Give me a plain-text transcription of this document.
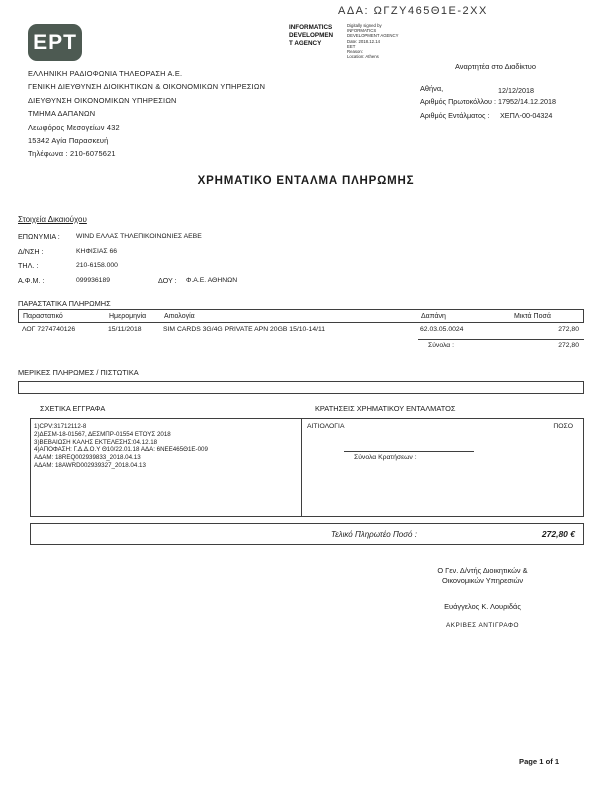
ΑΔΑ: ΩΓΖΥ465Θ1Ε-2ΧΧ
ΕΡΤ
INFORMATICS
DEVELOPMEN
T AGENCY
Digitally signed by
INFORMATICS
DEVELOPMENT AGENCY
Date: 2018.12.14
EET
Reason:
Location: Athens
ΕΛΛΗΝΙΚΗ ΡΑΔΙΟΦΩΝΙΑ ΤΗΛΕΟΡΑΣΗ Α.Ε.
ΓΕΝΙΚΗ ΔΙΕΥΘΥΝΣΗ ΔΙΟΙΚΗΤΙΚΩΝ & ΟΙΚΟΝΟΜΙΚΩΝ ΥΠΗΡΕΣΙΩΝ
ΔΙΕΥΘΥΝΣΗ ΟΙΚΟΝΟΜΙΚΩΝ ΥΠΗΡΕΣΙΩΝ
ΤΜΗΜΑ ΔΑΠΑΝΩΝ
Λεωφόρος Μεσογείων 432
15342 Αγία Παρασκευή
Τηλέφωνα : 210-6075621
Αναρτητέα στο Διαδίκτυο
Αθήνα,	12/12/2018
Αριθμός Πρωτοκόλλου : 17952/14.12.2018
Αριθμός Εντάλματος : ΧΕΠΛ-00-04324
ΧΡΗΜΑΤΙΚΟ ΕΝΤΑΛΜΑ ΠΛΗΡΩΜΗΣ
Στοιχεία Δικαιούχου
ΕΠΩΝΥΜΙΑ : WIND ΕΛΛΑΣ ΤΗΛΕΠΙΚΟΙΝΩΝΙΕΣ ΑΕΒΕ
Δ/ΝΣΗ :	ΚΗΦΙΣΙΑΣ 66
ΤΗΛ. :	210-6158.000
Α.Φ.Μ. :	099936189	ΔΟΥ : Φ.Α.Ε. ΑΘΗΝΩΝ
ΠΑΡΑΣΤΑΤΙΚΑ ΠΛΗΡΩΜΗΣ
Παραστατικό	Ημερομηνία	Αιτιολογία	Δαπάνη	Μικτά Ποσά
ΛΟΓ 7274740126	15/11/2018	SIM CARDS 3G/4G PRIVATE APN 20GB 15/10-14/11	62.03.05.0024	272,80
Σύνολα :	272,80
ΜΕΡΙΚΕΣ ΠΛΗΡΩΜΕΣ / ΠΙΣΤΩΤΙΚΑ
ΣΧΕΤΙΚΑ ΕΓΓΡΑΦΑ	ΚΡΑΤΗΣΕΙΣ ΧΡΗΜΑΤΙΚΟΥ ΕΝΤΑΛΜΑΤΟΣ
1)CPV:31712112-8
2)ΔΕΣΜ-18-01567, ΔΕΣΜΠΡ-01554 ΕΤΟΥΣ 2018
3)ΒΕΒΑΙΩΣΗ ΚΑΛΗΣ ΕΚΤΕΛΕΣΗΣ:04.12.18
4)ΑΠΟΦΑΣΗ: Γ.Δ.Δ.Ο.Υ Θ10/22.01.18 ΑΔΑ: 6ΝΕΕ465Θ1Ε-009
ΑΔΑΜ: 18REQ002939833_2018.04.13
ΑΔΑΜ: 18AWRD002939327_2018.04.13
ΑΙΤΙΟΛΟΓΙΑ	ΠΟΣΟ
Σύνολα Κρατήσεων :
Τελικό Πληρωτέο Ποσό :	272,80 €
Ο Γεν. Δ/ντής Διοικητικών &
Οικονομικών Υπηρεσιών
Ευάγγελος Κ. Λουριδάς
ΑΚΡΙΒΕΣ ΑΝΤΙΓΡΑΦΟ
Page 1 of 1
